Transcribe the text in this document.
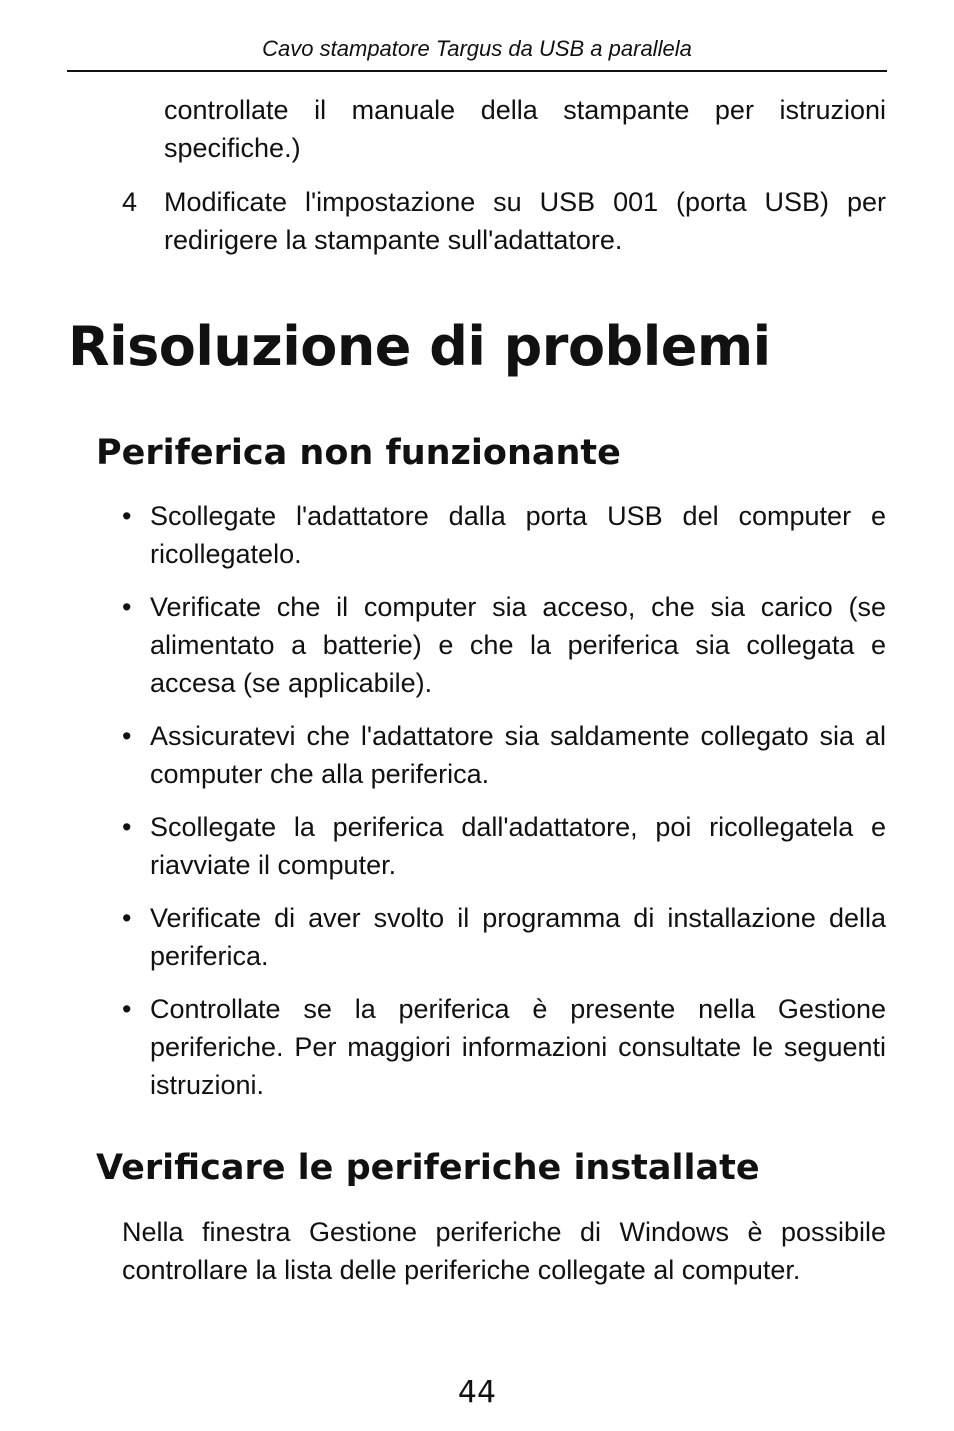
Cavo stampatore Targus da USB a parallela

controllate il manuale della stampante per istruzioni specifiche.)

4 Modificate l'impostazione su USB 001 (porta USB) per redirigere la stampante sull'adattatore.

Risoluzione di problemi
Periferica non funzionante
• Scollegate l'adattatore dalla porta USB del computer e ricollegatelo.
• Verificate che il computer sia acceso, che sia carico (se alimentato a batterie) e che la periferica sia collegata e accesa (se applicabile).
• Assicuratevi che l'adattatore sia saldamente collegato sia al computer che alla periferica.
• Scollegate la periferica dall'adattatore, poi ricollegatela e riavviate il computer.
• Verificate di aver svolto il programma di installazione della periferica.
• Controllate se la periferica è presente nella Gestione periferiche. Per maggiori informazioni consultate le seguenti istruzioni.
Verificare le periferiche installate

Nella finestra Gestione periferiche di Windows è possibile controllare la lista delle periferiche collegate al computer.

44
